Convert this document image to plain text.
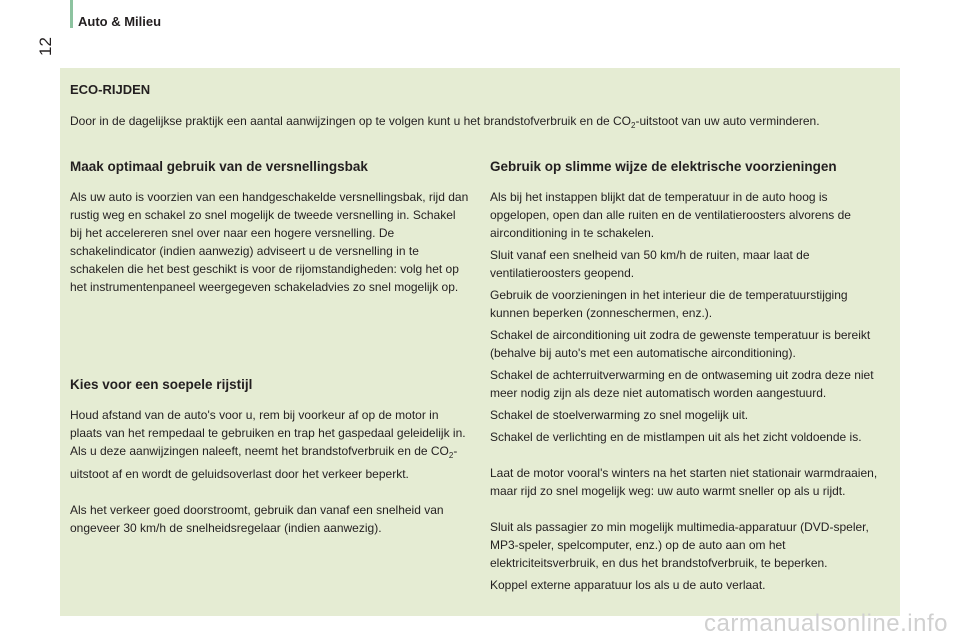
Auto & Milieu
12
ECO-RIJDEN
Door in de dagelijkse praktijk een aantal aanwijzingen op te volgen kunt u het brandstofverbruik en de $CO_2$-uitstoot van uw auto verminderen.
Maak optimaal gebruik van de versnellingsbak

Als uw auto is voorzien van een handgeschakelde versnellingsbak, rijd dan rustig weg en schakel zo snel mogelijk de tweede versnelling in. Schakel bij het accelereren snel over naar een hogere versnelling. De schakelindicator (indien aanwezig) adviseert u de versnelling in te schakelen die het best geschikt is voor de rijomstandigheden: volg het op het instrumentenpaneel weergegeven schakeladvies zo snel mogelijk op.

Kies voor een soepele rijstijl

Houd afstand van de auto's voor u, rem bij voorkeur af op de motor in plaats van het rempedaal te gebruiken en trap het gaspedaal geleidelijk in. Als u deze aanwijzingen naleeft, neemt het brandstofverbruik en de $CO_2$-uitstoot af en wordt de geluidsoverlast door het verkeer beperkt.

Als het verkeer goed doorstroomt, gebruik dan vanaf een snelheid van ongeveer 30 km/h de snelheidsregelaar (indien aanwezig).

Gebruik op slimme wijze de elektrische voorzieningen

Als bij het instappen blijkt dat de temperatuur in de auto hoog is opgelopen, open dan alle ruiten en de ventilatieroosters alvorens de airconditioning in te schakelen.

Sluit vanaf een snelheid van 50 km/h de ruiten, maar laat de ventilatieroosters geopend.

Gebruik de voorzieningen in het interieur die de temperatuurstijging kunnen beperken (zonneschermen, enz.).

Schakel de airconditioning uit zodra de gewenste temperatuur is bereikt (behalve bij auto's met een automatische airconditioning).

Schakel de achterruitverwarming en de ontwaseming uit zodra deze niet meer nodig zijn als deze niet automatisch worden aangestuurd.

Schakel de stoelverwarming zo snel mogelijk uit.

Schakel de verlichting en de mistlampen uit als het zicht voldoende is.

Laat de motor vooral's winters na het starten niet stationair warmdraaien, maar rijd zo snel mogelijk weg: uw auto warmt sneller op als u rijdt.

Sluit als passagier zo min mogelijk multimedia-apparatuur (DVD-speler, MP3-speler, spelcomputer, enz.) op de auto aan om het elektriciteitsverbruik, en dus het brandstofverbruik, te beperken.

Koppel externe apparatuur los als u de auto verlaat.

carmanualsonline.info
